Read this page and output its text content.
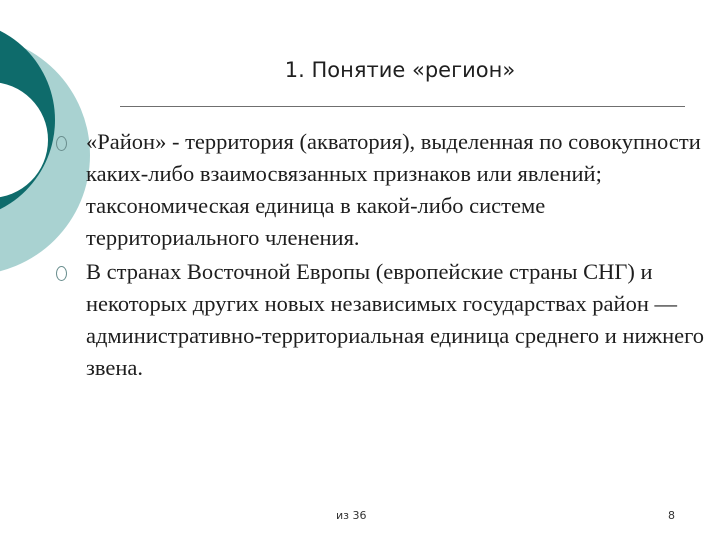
1. Понятие «регион»
«Район» - территория (акватория), выделенная по совокупности каких-либо взаимосвязанных признаков или явлений; таксономическая единица в какой-либо системе территориального членения.
В странах Восточной Европы (европейские страны СНГ) и некоторых других новых независимых государствах район — административно-территориальная единица среднего и нижнего звена.
из 36	8
